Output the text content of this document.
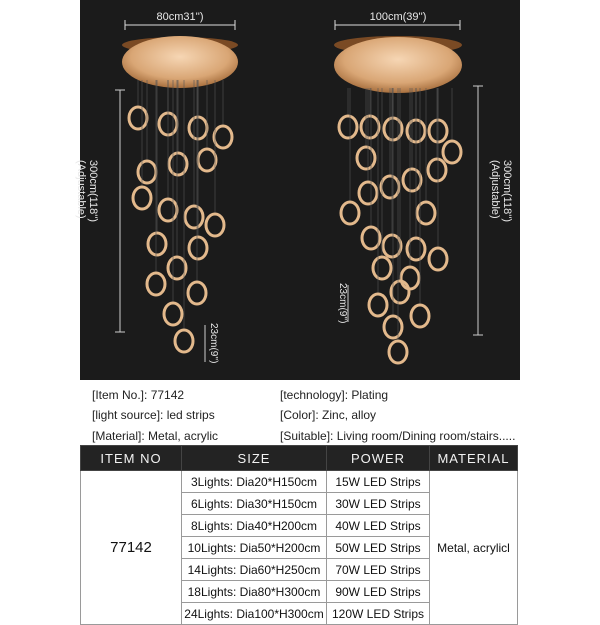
80cm31'')	100cm(39'')
300cm(118'')
(Adjustable)	300cm(118'')
(Adjustable)
23cm(9'')
23cm(9'')
[Item No.]: 77142	[technology]: Plating
[light source]: led strips	[Color]: Zinc, alloy
[Material]: Metal, acrylic	[Suitable]: Living room/Dining room/stairs.....
ITEM NO	SIZE	POWER	MATERIAL
77142	3Lights: Dia20*H150cm	15W LED Strips	Metal, acrylicl
	6Lights: Dia30*H150cm	30W LED Strips	
	8Lights: Dia40*H200cm	40W LED Strips	
	10Lights: Dia50*H200cm	50W LED Strips	
	14Lights: Dia60*H250cm	70W LED Strips	
	18Lights: Dia80*H300cm	90W LED Strips	
	24Lights: Dia100*H300cm	120W LED Strips	
